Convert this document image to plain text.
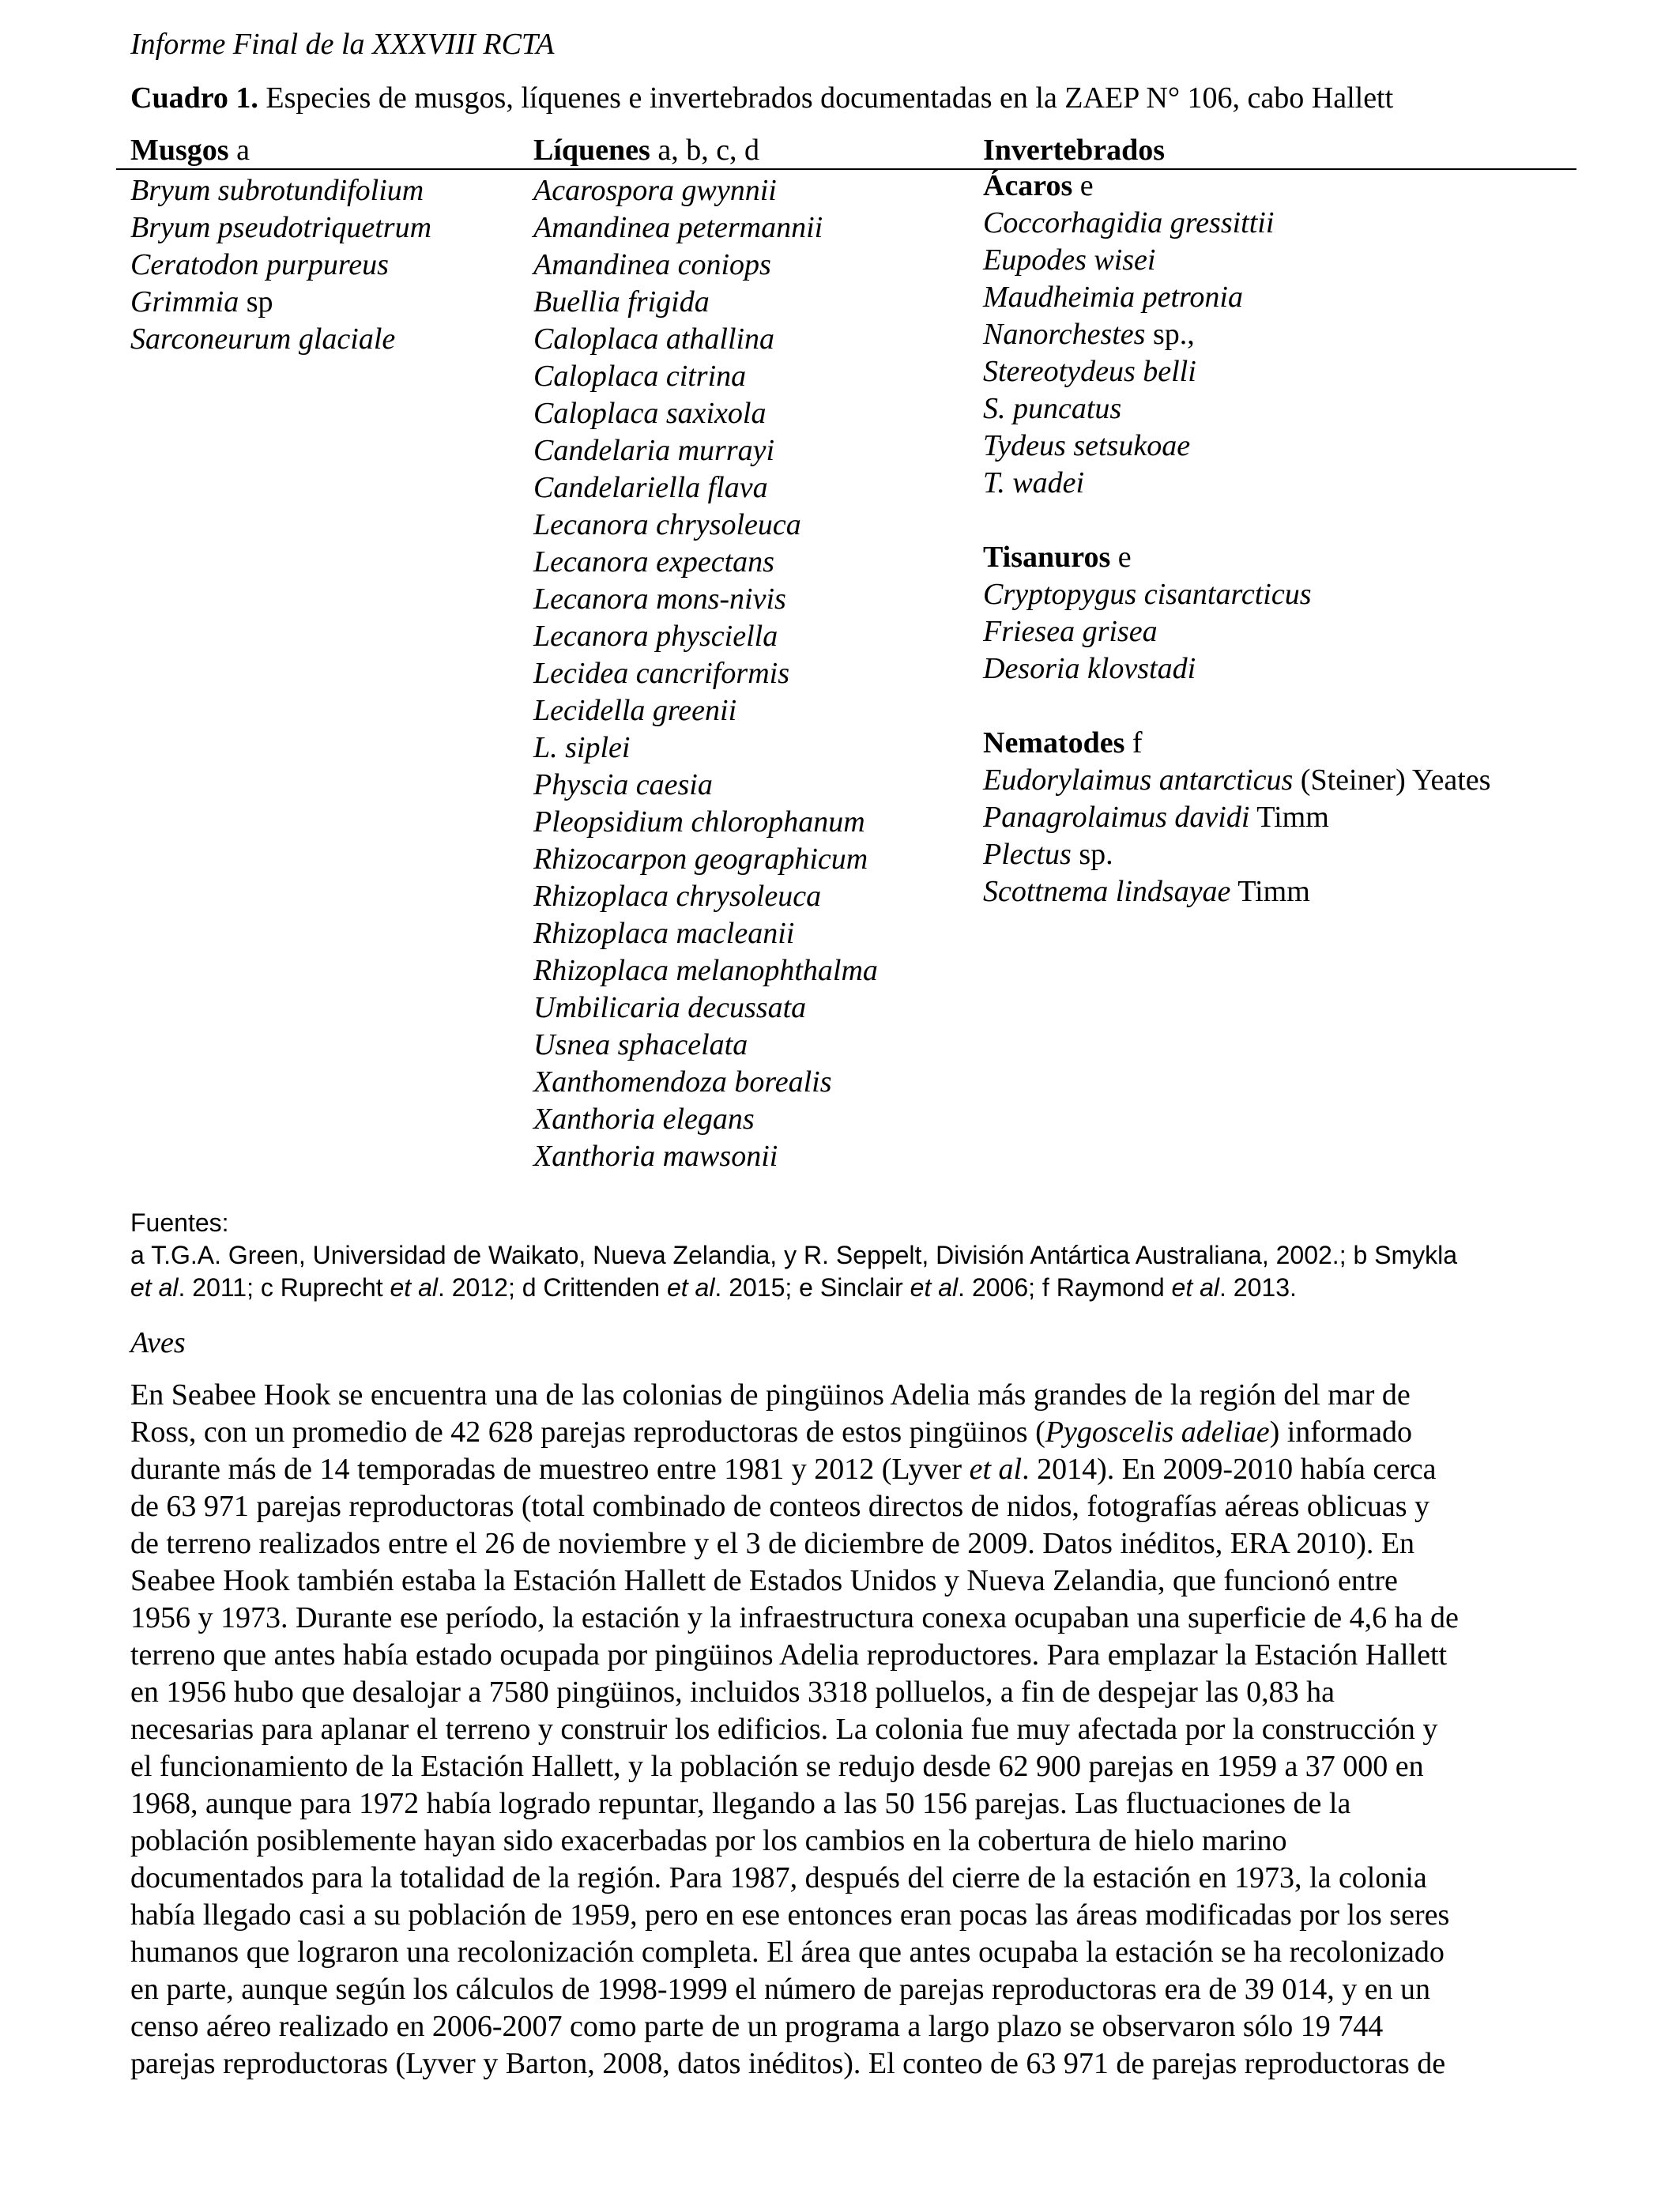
Informe Final de la XXXVIII RCTA
Cuadro 1. Especies de musgos, líquenes e invertebrados documentadas en la ZAEP N° 106, cabo Hallett
Musgos a	Líquenes a, b, c, d	Invertebrados
Bryum subrotundifolium
Bryum pseudotriquetrum
Ceratodon purpureus
Grimmia sp
Sarconeurum glaciale
Acarospora gwynnii
Amandinea petermannii
Amandinea coniops
Buellia frigida
Caloplaca athallina
Caloplaca citrina
Caloplaca saxixola
Candelaria murrayi
Candelariella flava
Lecanora chrysoleuca
Lecanora expectans
Lecanora mons-nivis
Lecanora physciella
Lecidea cancriformis
Lecidella greenii
L. siplei
Physcia caesia
Pleopsidium chlorophanum
Rhizocarpon geographicum
Rhizoplaca chrysoleuca
Rhizoplaca macleanii
Rhizoplaca melanophthalma
Umbilicaria decussata
Usnea sphacelata
Xanthomendoza borealis
Xanthoria elegans
Xanthoria mawsonii
Ácaros e
Coccorhagidia gressittii
Eupodes wisei
Maudheimia petronia
Nanorchestes sp.,
Stereotydeus belli
S. puncatus
Tydeus setsukoae
T. wadei
Tisanuros e
Cryptopygus cisantarcticus
Friesea grisea
Desoria klovstadi
Nematodes f
Eudorylaimus antarcticus (Steiner) Yeates
Panagrolaimus davidi Timm
Plectus sp.
Scottnema lindsayae Timm
Fuentes:
a T.G.A. Green, Universidad de Waikato, Nueva Zelandia, y R. Seppelt, División Antártica Australiana, 2002.; b Smykla
et al. 2011; c Ruprecht et al. 2012; d Crittenden et al. 2015; e Sinclair et al. 2006; f Raymond et al. 2013.
Aves
En Seabee Hook se encuentra una de las colonias de pingüinos Adelia más grandes de la región del mar de
Ross, con un promedio de 42 628 parejas reproductoras de estos pingüinos (Pygoscelis adeliae) informado
durante más de 14 temporadas de muestreo entre 1981 y 2012 (Lyver et al. 2014). En 2009-2010 había cerca
de 63 971 parejas reproductoras (total combinado de conteos directos de nidos, fotografías aéreas oblicuas y
de terreno realizados entre el 26 de noviembre y el 3 de diciembre de 2009. Datos inéditos, ERA 2010). En
Seabee Hook también estaba la Estación Hallett de Estados Unidos y Nueva Zelandia, que funcionó entre
1956 y 1973. Durante ese período, la estación y la infraestructura conexa ocupaban una superficie de 4,6 ha de
terreno que antes había estado ocupada por pingüinos Adelia reproductores. Para emplazar la Estación Hallett
en 1956 hubo que desalojar a 7580 pingüinos, incluidos 3318 polluelos, a fin de despejar las 0,83 ha
necesarias para aplanar el terreno y construir los edificios. La colonia fue muy afectada por la construcción y
el funcionamiento de la Estación Hallett, y la población se redujo desde 62 900 parejas en 1959 a 37 000 en
1968, aunque para 1972 había logrado repuntar, llegando a las 50 156 parejas. Las fluctuaciones de la
población posiblemente hayan sido exacerbadas por los cambios en la cobertura de hielo marino
documentados para la totalidad de la región. Para 1987, después del cierre de la estación en 1973, la colonia
había llegado casi a su población de 1959, pero en ese entonces eran pocas las áreas modificadas por los seres
humanos que lograron una recolonización completa. El área que antes ocupaba la estación se ha recolonizado
en parte, aunque según los cálculos de 1998-1999 el número de parejas reproductoras era de 39 014, y en un
censo aéreo realizado en 2006-2007 como parte de un programa a largo plazo se observaron sólo 19 744
parejas reproductoras (Lyver y Barton, 2008, datos inéditos). El conteo de 63 971 de parejas reproductoras de
